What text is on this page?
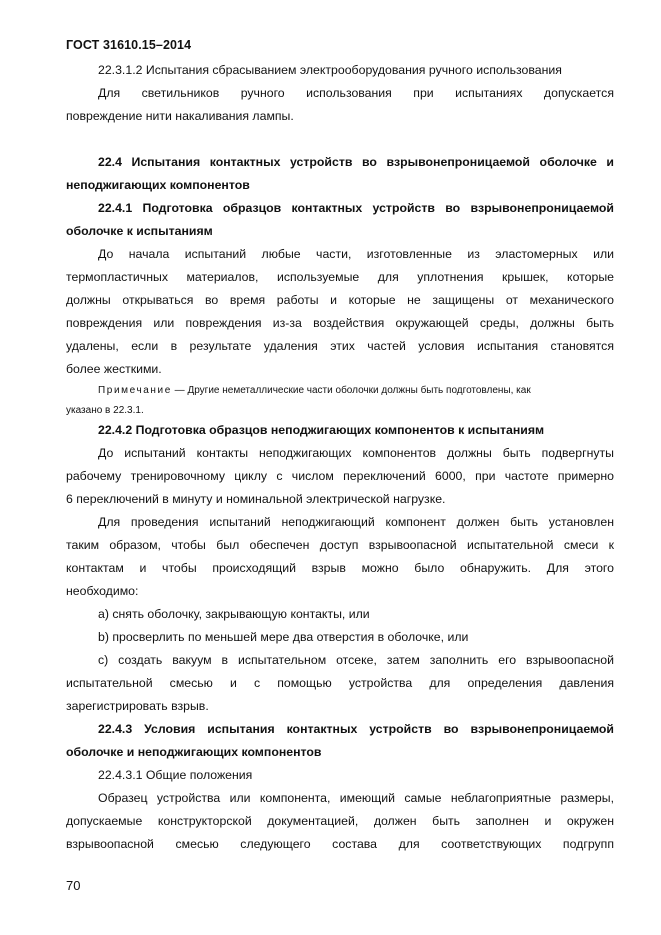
ГОСТ 31610.15–2014
22.3.1.2 Испытания сбрасыванием электрооборудования ручного использования
Для светильников ручного использования при испытаниях допускается
повреждение нити накаливания лампы.
22.4 Испытания контактных устройств во взрывонепроницаемой оболочке и
неподжигающих компонентов
22.4.1 Подготовка образцов контактных устройств во взрывонепроницаемой
оболочке к испытаниям
До начала испытаний любые части, изготовленные из эластомерных или
термопластичных материалов, используемые для уплотнения крышек, которые
должны открываться во время работы и которые не защищены от механического
повреждения или повреждения из-за воздействия окружающей среды, должны быть
удалены, если в результате удаления этих частей условия испытания становятся
более жесткими.
Примечание — Другие неметаллические части оболочки должны быть подготовлены, как
указано в 22.3.1.
22.4.2 Подготовка образцов неподжигающих компонентов к испытаниям
До испытаний контакты неподжигающих компонентов должны быть подвергнуты
рабочему тренировочному циклу с числом переключений 6000, при частоте примерно
6 переключений в минуту и номинальной электрической нагрузке.
Для проведения испытаний неподжигающий компонент должен быть установлен
таким образом, чтобы был обеспечен доступ взрывоопасной испытательной смеси к
контактам и чтобы происходящий взрыв можно было обнаружить. Для этого
необходимо:
а) снять оболочку, закрывающую контакты, или
b) просверлить по меньшей мере два отверстия в оболочке, или
с) создать вакуум в испытательном отсеке, затем заполнить его взрывоопасной
испытательной смесью и с помощью устройства для определения давления
зарегистрировать взрыв.
22.4.3 Условия испытания контактных устройств во взрывонепроницаемой
оболочке и неподжигающих компонентов
22.4.3.1 Общие положения
Образец устройства или компонента, имеющий самые неблагоприятные размеры,
допускаемые конструкторской документацией, должен быть заполнен и окружен
взрывоопасной смесью следующего состава для соответствующих подгрупп
70
